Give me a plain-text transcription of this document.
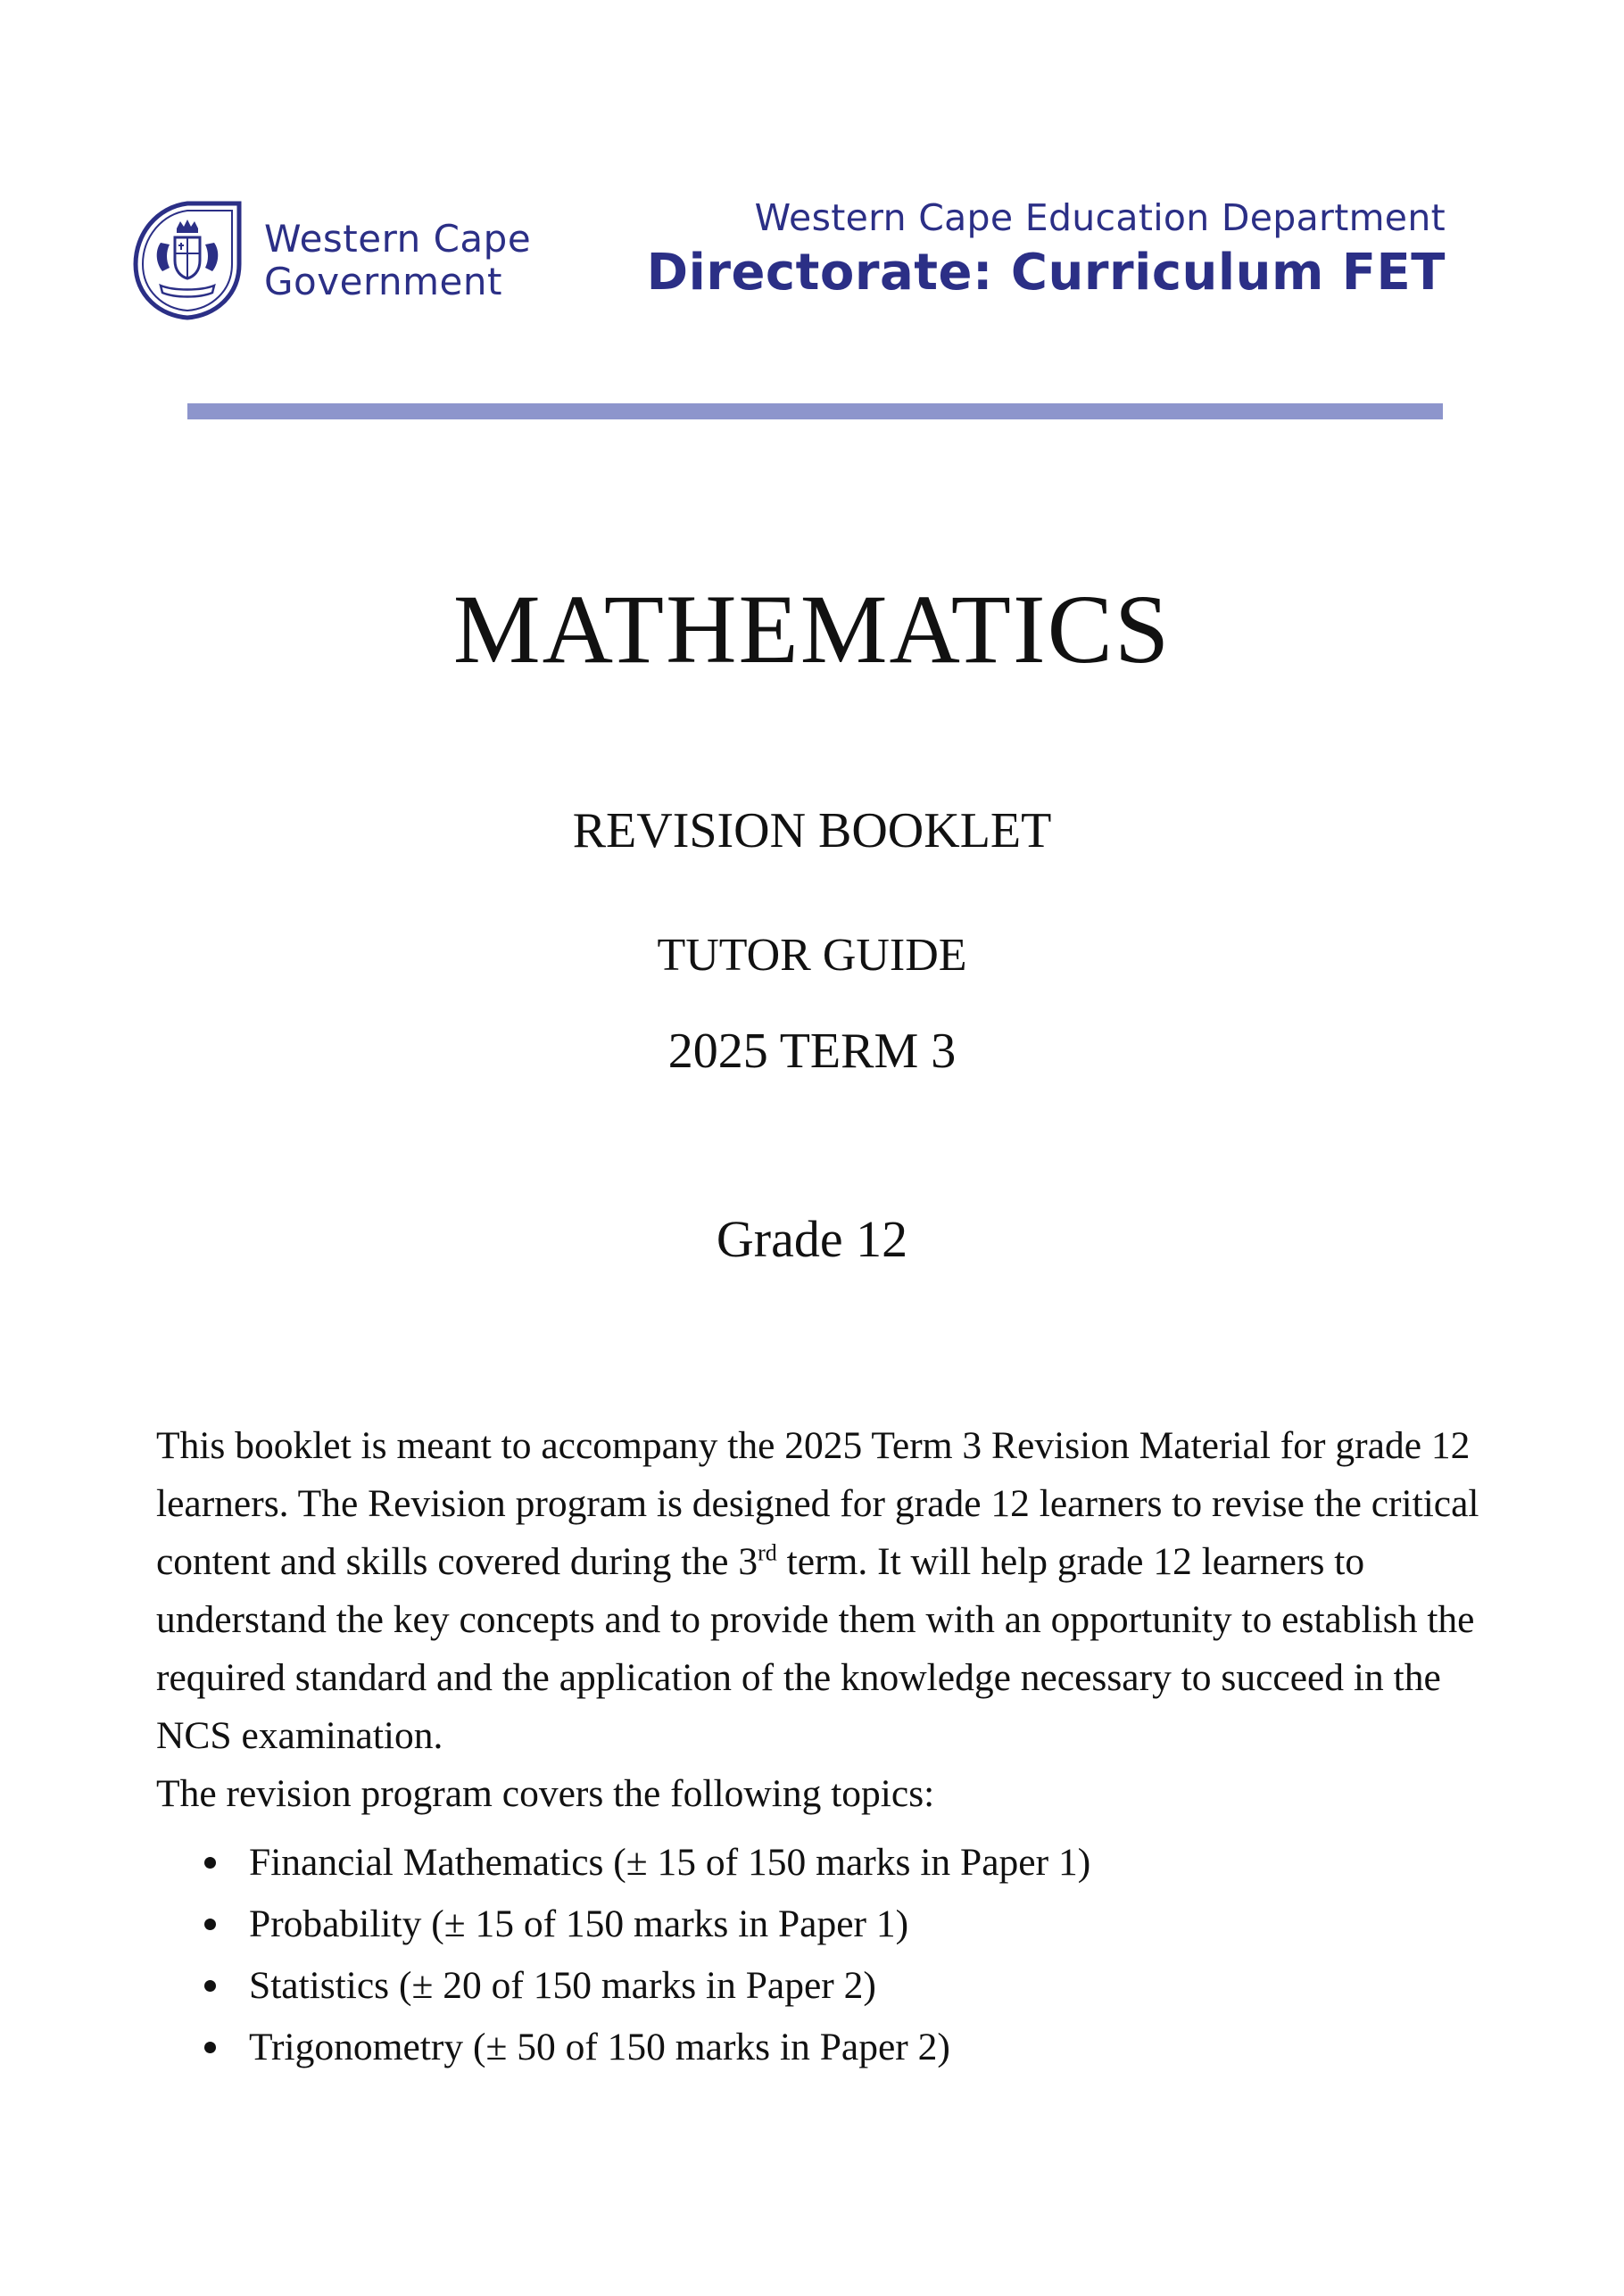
Western Cape
Government
Western Cape Education Department
Directorate: Curriculum FET
MATHEMATICS
REVISION BOOKLET
TUTOR GUIDE
2025 TERM 3
Grade 12

This booklet is meant to accompany the 2025 Term 3 Revision Material for grade 12 learners. The Revision program is designed for grade 12 learners to revise the critical content and skills covered during the 3rd term. It will help grade 12 learners to understand the key concepts and to provide them with an opportunity to establish the required standard and the application of the knowledge necessary to succeed in the NCS examination.

The revision program covers the following topics:

Financial Mathematics (± 15 of 150 marks in Paper 1)
Probability (± 15 of 150 marks in Paper 1)
Statistics (± 20 of 150 marks in Paper 2)
Trigonometry (± 50 of 150 marks in Paper 2)
